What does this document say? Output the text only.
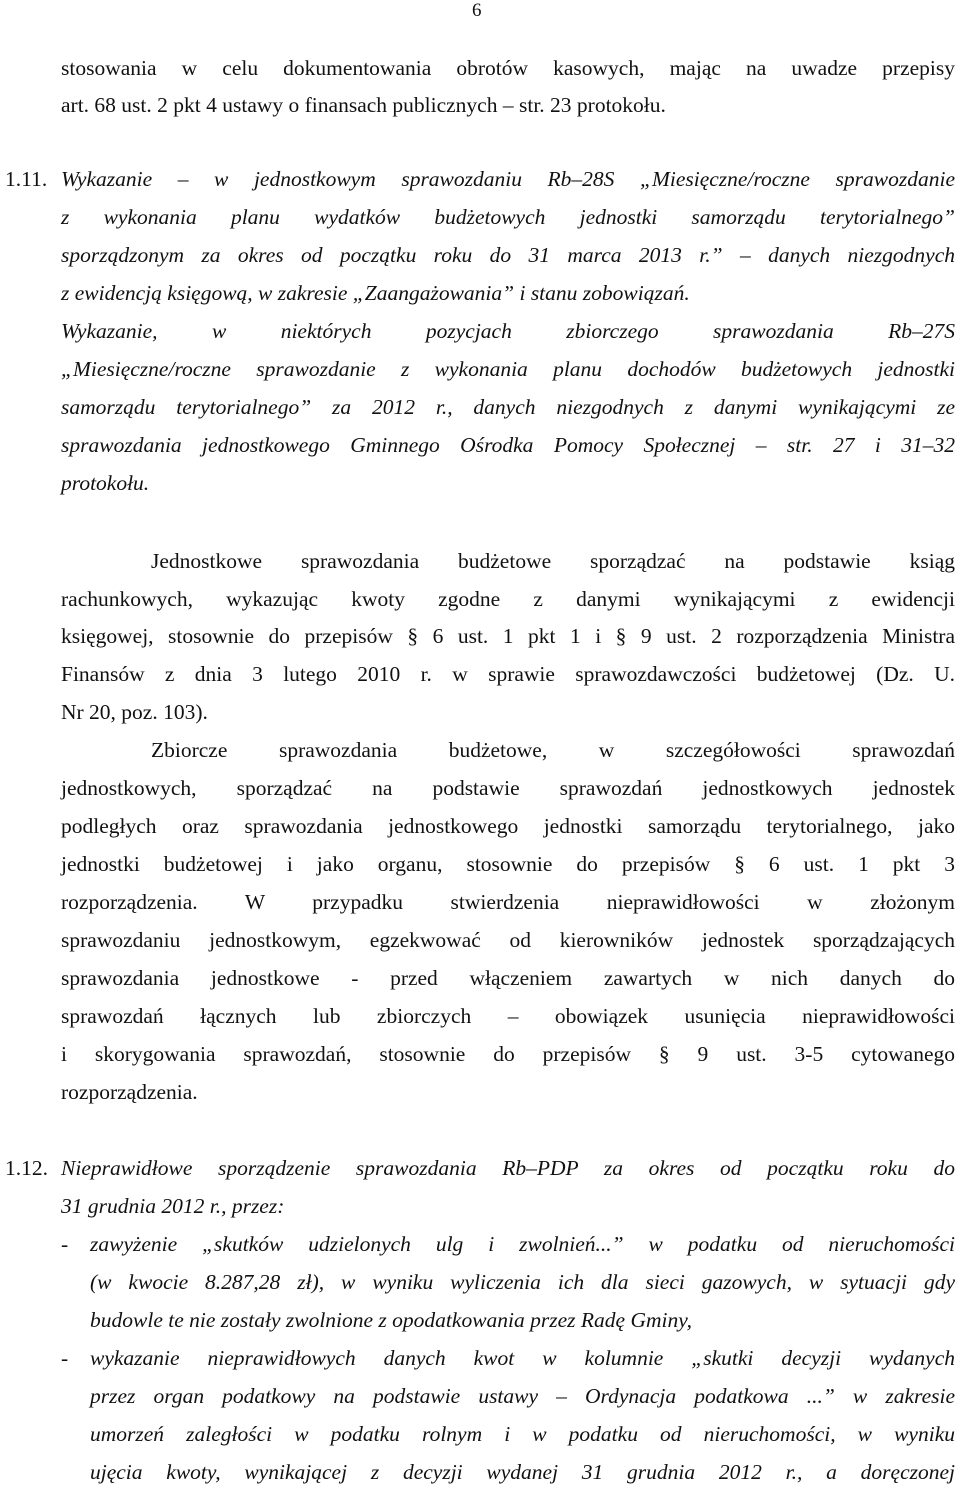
6
stosowania w celu dokumentowania obrotów kasowych, mając na uwadze przepisy
art. 68 ust. 2 pkt 4 ustawy o finansach publicznych – str. 23 protokołu.
1.11. Wykazanie – w jednostkowym sprawozdaniu Rb–28S „Miesięczne/roczne sprawozdanie
z wykonania planu wydatków budżetowych jednostki samorządu terytorialnego”
sporządzonym za okres od początku roku do 31 marca 2013 r.” – danych niezgodnych
z ewidencją księgową, w zakresie „Zaangażowania” i stanu zobowiązań.
Wykazanie, w niektórych pozycjach zbiorczego sprawozdania Rb–27S
„Miesięczne/roczne sprawozdanie z wykonania planu dochodów budżetowych jednostki
samorządu terytorialnego” za 2012 r., danych niezgodnych z danymi wynikającymi ze
sprawozdania jednostkowego Gminnego Ośrodka Pomocy Społecznej – str. 27 i 31–32
protokołu.
Jednostkowe sprawozdania budżetowe sporządzać na podstawie ksiąg
rachunkowych, wykazując kwoty zgodne z danymi wynikającymi z ewidencji
księgowej, stosownie do przepisów § 6 ust. 1 pkt 1 i § 9 ust. 2 rozporządzenia Ministra
Finansów z dnia 3 lutego 2010 r. w sprawie sprawozdawczości budżetowej (Dz. U.
Nr 20, poz. 103).
Zbiorcze sprawozdania budżetowe, w szczegółowości sprawozdań
jednostkowych, sporządzać na podstawie sprawozdań jednostkowych jednostek
podległych oraz sprawozdania jednostkowego jednostki samorządu terytorialnego, jako
jednostki budżetowej i jako organu, stosownie do przepisów § 6 ust. 1 pkt 3
rozporządzenia. W przypadku stwierdzenia nieprawidłowości w złożonym
sprawozdaniu jednostkowym, egzekwować od kierowników jednostek sporządzających
sprawozdania jednostkowe - przed włączeniem zawartych w nich danych do
sprawozdań łącznych lub zbiorczych – obowiązek usunięcia nieprawidłowości
i skorygowania sprawozdań, stosownie do przepisów § 9 ust. 3-5 cytowanego
rozporządzenia.
1.12. Nieprawidłowe sporządzenie sprawozdania Rb–PDP za okres od początku roku do
31 grudnia 2012 r., przez:
- zawyżenie „skutków udzielonych ulg i zwolnień...” w podatku od nieruchomości
(w kwocie 8.287,28 zł), w wyniku wyliczenia ich dla sieci gazowych, w sytuacji gdy
budowle te nie zostały zwolnione z opodatkowania przez Radę Gminy,
- wykazanie nieprawidłowych danych kwot w kolumnie „skutki decyzji wydanych
przez organ podatkowy na podstawie ustawy – Ordynacja podatkowa ...” w zakresie
umorzeń zaległości w podatku rolnym i w podatku od nieruchomości, w wyniku
ujęcia kwoty, wynikającej z decyzji wydanej 31 grudnia 2012 r., a doręczonej
